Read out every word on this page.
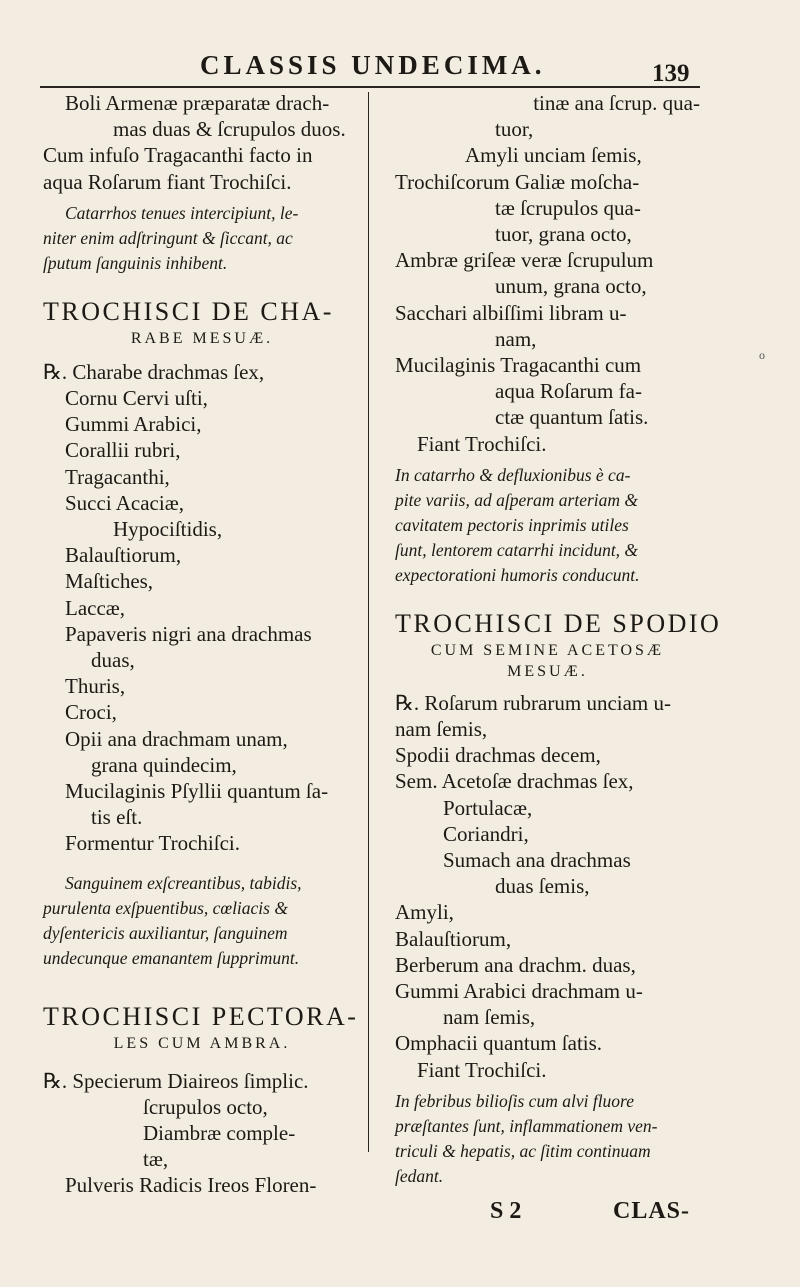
CLASSIS UNDECIMA.	139
o
Boli Armenæ præparatæ drach-
mas duas & ſcrupulos duos.
Cum infuſo Tragacanthi facto in
aqua Roſarum fiant Trochiſci.
Catarrhos tenues intercipiunt, le-
niter enim adſtringunt & ſiccant, ac
ſputum ſanguinis inhibent.
TROCHISCI DE CHA-
RABE MESUÆ.
℞. Charabe drachmas ſex,
Cornu Cervi uſti,
Gummi Arabici,
Corallii rubri,
Tragacanthi,
Succi Acaciæ,
Hypociſtidis,
Balauſtiorum,
Maſtiches,
Laccæ,
Papaveris nigri ana drachmas
duas,
Thuris,
Croci,
Opii ana drachmam unam,
grana quindecim,
Mucilaginis Pſyllii quantum ſa-
tis eſt.
Formentur Trochiſci.
Sanguinem exſcreantibus, tabidis,
purulenta exſpuentibus, cœliacis &
dyſentericis auxiliantur, ſanguinem
undecunque emanantem ſupprimunt.
TROCHISCI PECTORA-
LES CUM AMBRA.
℞. Specierum Diaireos ſimplic.
ſcrupulos octo,
Diambræ comple-
tæ,
Pulveris Radicis Ireos Floren-
tinæ ana ſcrup. qua-
tuor,
Amyli unciam ſemis,
Trochiſcorum Galiæ moſcha-
tæ ſcrupulos qua-
tuor, grana octo,
Ambræ griſeæ veræ ſcrupulum
unum, grana octo,
Sacchari albiſſimi libram u-
nam,
Mucilaginis Tragacanthi cum
aqua Roſarum fa-
ctæ quantum ſatis.
Fiant Trochiſci.
In catarrho & defluxionibus è ca-
pite variis, ad aſperam arteriam &
cavitatem pectoris inprimis utiles
ſunt, lentorem catarrhi incidunt, &
expectorationi humoris conducunt.
TROCHISCI DE SPODIO
CUM SEMINE ACETOSÆ
MESUÆ.
℞. Roſarum rubrarum unciam u-
nam ſemis,
Spodii drachmas decem,
Sem. Acetoſæ drachmas ſex,
Portulacæ,
Coriandri,
Sumach ana drachmas
duas ſemis,
Amyli,
Balauſtiorum,
Berberum ana drachm. duas,
Gummi Arabici drachmam u-
nam ſemis,
Omphacii quantum ſatis.
Fiant Trochiſci.
In febribus bilioſis cum alvi fluore
præſtantes ſunt, inflammationem ven-
triculi & hepatis, ac ſitim continuam
ſedant.
S 2	CLAS-
